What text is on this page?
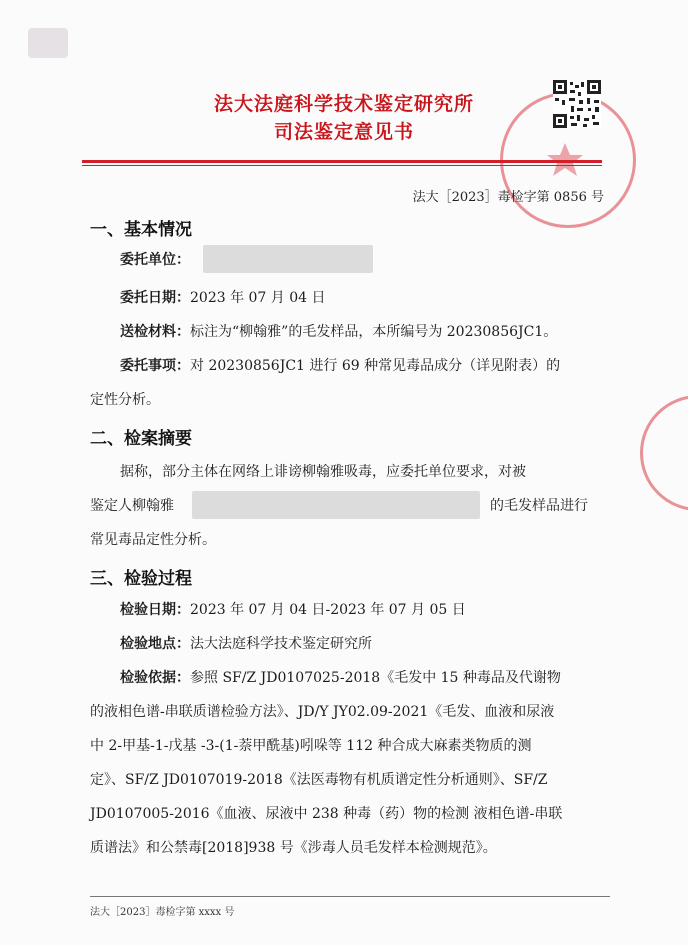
法大法庭科学技术鉴定研究所
司法鉴定意见书
法大［2023］毒检字第 0856 号
一、基本情况
委托单位：
委托日期：2023 年 07 月 04 日
送检材料：标注为“柳翰雅”的毛发样品，本所编号为 20230856JC1。
委托事项：对 20230856JC1 进行 69 种常见毒品成分（详见附表）的
定性分析。
二、检案摘要
据称，部分主体在网络上诽谤柳翰雅吸毒，应委托单位要求，对被
鉴定人柳翰雅	的毛发样品进行
常见毒品定性分析。
三、检验过程
检验日期：2023 年 07 月 04 日-2023 年 07 月 05 日
检验地点：法大法庭科学技术鉴定研究所
检验依据：参照 SF/Z JD0107025-2018《毛发中 15 种毒品及代谢物
的液相色谱-串联质谱检验方法》、JD/Y JY02.09-2021《毛发、血液和尿液
中 2-甲基-1-戊基 -3-(1-萘甲酰基)吲哚等 112 种合成大麻素类物质的测
定》、SF/Z JD0107019-2018《法医毒物有机质谱定性分析通则》、SF/Z
JD0107005-2016《血液、尿液中 238 种毒（药）物的检测 液相色谱-串联
质谱法》和公禁毒[2018]938 号《涉毒人员毛发样本检测规范》。
法大［2023］毒检字第 xxxx 号
